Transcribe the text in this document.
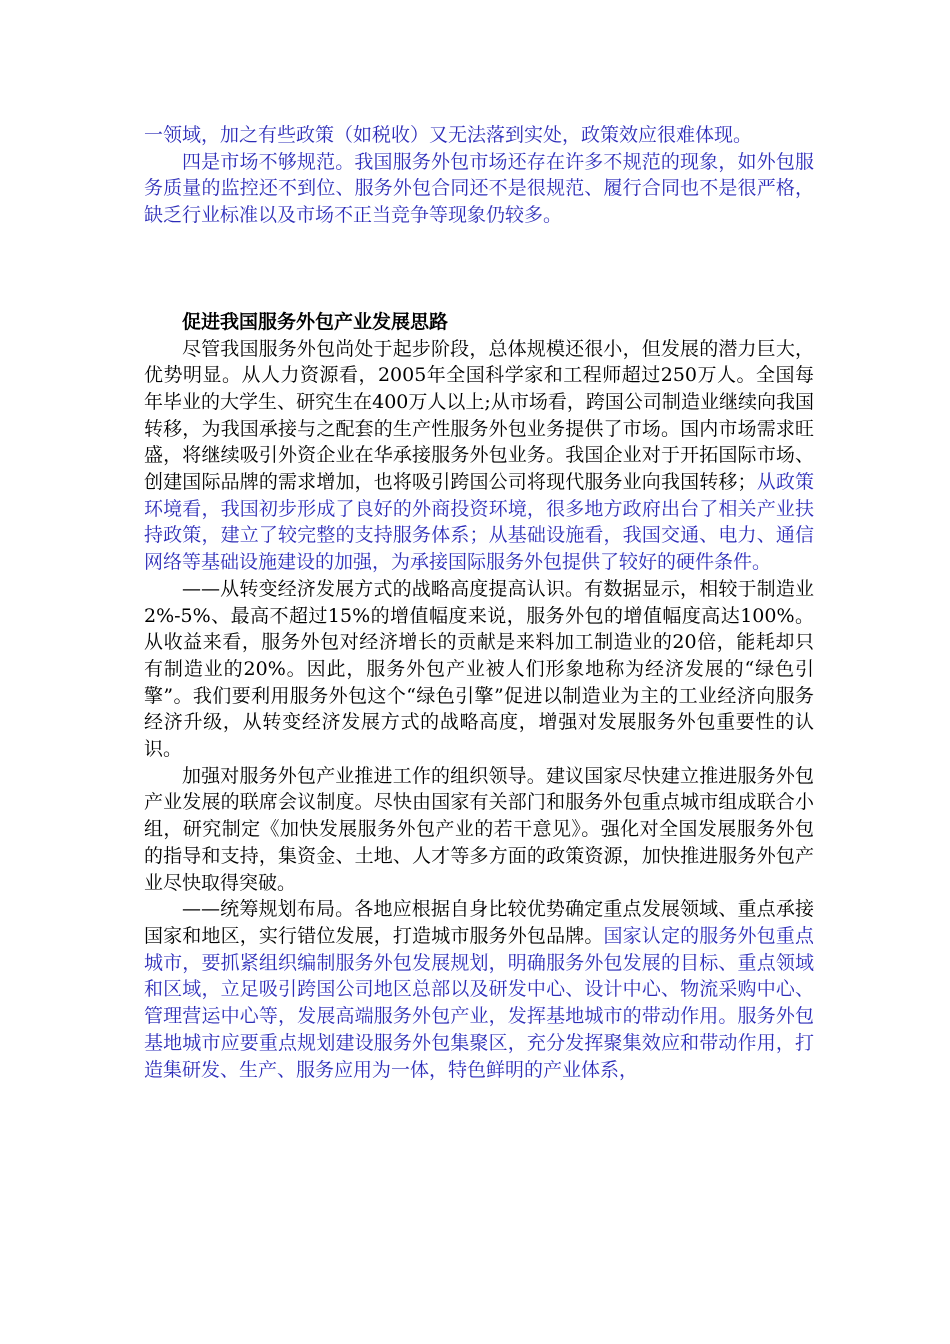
一领域，加之有些政策（如税收）又无法落到实处，政策效应很难体现。

四是市场不够规范。我国服务外包市场还存在许多不规范的现象，如外包服务质量的监控还不到位、服务外包合同还不是很规范、履行合同也不是很严格，缺乏行业标准以及市场不正当竞争等现象仍较多。

促进我国服务外包产业发展思路

尽管我国服务外包尚处于起步阶段，总体规模还很小，但发展的潜力巨大，优势明显。从人力资源看，2005年全国科学家和工程师超过250万人。全国每年毕业的大学生、研究生在400万人以上;从市场看，跨国公司制造业继续向我国转移，为我国承接与之配套的生产性服务外包业务提供了市场。国内市场需求旺盛，将继续吸引外资企业在华承接服务外包业务。我国企业对于开拓国际市场、创建国际品牌的需求增加，也将吸引跨国公司将现代服务业向我国转移；从政策环境看，我国初步形成了良好的外商投资环境，很多地方政府出台了相关产业扶持政策，建立了较完整的支持服务体系；从基础设施看，我国交通、电力、通信网络等基础设施建设的加强，为承接国际服务外包提供了较好的硬件条件。

——从转变经济发展方式的战略高度提高认识。有数据显示，相较于制造业2%-5%、最高不超过15%的增值幅度来说，服务外包的增值幅度高达100%。从收益来看，服务外包对经济增长的贡献是来料加工制造业的20倍，能耗却只有制造业的20%。因此，服务外包产业被人们形象地称为经济发展的“绿色引擎”。我们要利用服务外包这个“绿色引擎”促进以制造业为主的工业经济向服务经济升级，从转变经济发展方式的战略高度，增强对发展服务外包重要性的认识。

加强对服务外包产业推进工作的组织领导。建议国家尽快建立推进服务外包产业发展的联席会议制度。尽快由国家有关部门和服务外包重点城市组成联合小组，研究制定《加快发展服务外包产业的若干意见》。强化对全国发展服务外包的指导和支持，集资金、土地、人才等多方面的政策资源，加快推进服务外包产业尽快取得突破。

——统筹规划布局。各地应根据自身比较优势确定重点发展领域、重点承接国家和地区，实行错位发展，打造城市服务外包品牌。国家认定的服务外包重点城市，要抓紧组织编制服务外包发展规划，明确服务外包发展的目标、重点领域和区域，立足吸引跨国公司地区总部以及研发中心、设计中心、物流采购中心、管理营运中心等，发展高端服务外包产业，发挥基地城市的带动作用。服务外包基地城市应要重点规划建设服务外包集聚区，充分发挥聚集效应和带动作用，打造集研发、生产、服务应用为一体，特色鲜明的产业体系，
